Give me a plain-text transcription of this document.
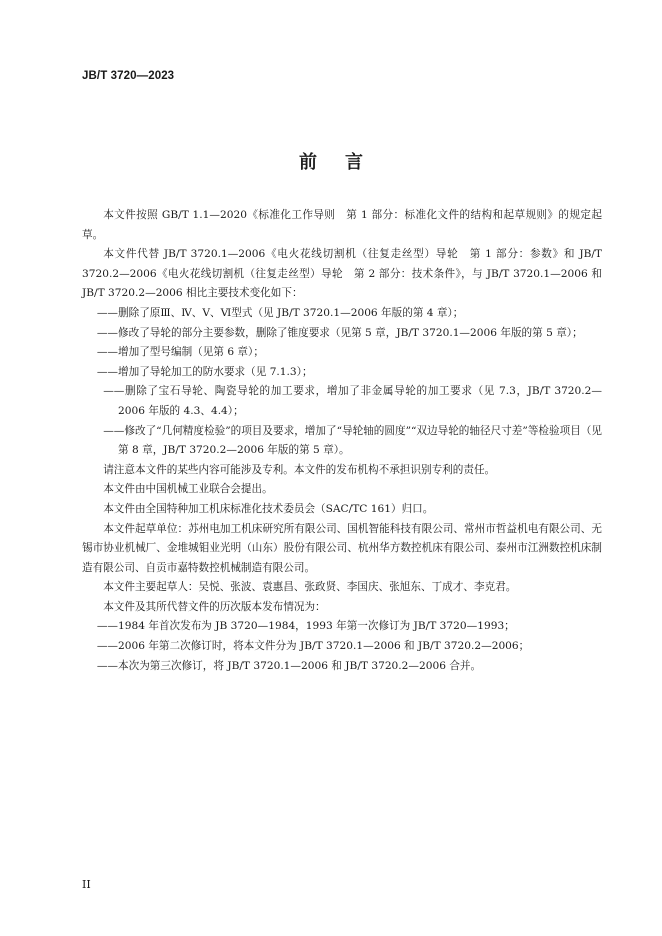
JB/T 3720—2023
前言

本文件按照 GB/T 1.1—2020《标准化工作导则　第 1 部分：标准化文件的结构和起草规则》的规定起草。

本文件代替 JB/T 3720.1—2006《电火花线切割机（往复走丝型）导轮　第 1 部分：参数》和 JB/T 3720.2—2006《电火花线切割机（往复走丝型）导轮　第 2 部分：技术条件》，与 JB/T 3720.1—2006 和 JB/T 3720.2—2006 相比主要技术变化如下：

——删除了原Ⅲ、Ⅳ、Ⅴ、Ⅵ型式（见 JB/T 3720.1—2006 年版的第 4 章）；

——修改了导轮的部分主要参数，删除了锥度要求（见第 5 章，JB/T 3720.1—2006 年版的第 5 章）；

——增加了型号编制（见第 6 章）；

——增加了导轮加工的防水要求（见 7.1.3）；

——删除了宝石导轮、陶瓷导轮的加工要求，增加了非金属导轮的加工要求（见 7.3，JB/T 3720.2—2006 年版的 4.3、4.4）；

——修改了“几何精度检验”的项目及要求，增加了“导轮轴的圆度”“双边导轮的轴径尺寸差”等检验项目（见第 8 章，JB/T 3720.2—2006 年版的第 5 章）。

请注意本文件的某些内容可能涉及专利。本文件的发布机构不承担识别专利的责任。

本文件由中国机械工业联合会提出。

本文件由全国特种加工机床标准化技术委员会（SAC/TC 161）归口。

本文件起草单位：苏州电加工机床研究所有限公司、国机智能科技有限公司、常州市哲益机电有限公司、无锡市协业机械厂、金堆城钼业光明（山东）股份有限公司、杭州华方数控机床有限公司、泰州市江洲数控机床制造有限公司、自贡市嘉特数控机械制造有限公司。

本文件主要起草人：吴悦、张波、袁惠昌、张政贤、李国庆、张旭东、丁成才、李克君。

本文件及其所代替文件的历次版本发布情况为：

——1984 年首次发布为 JB 3720—1984，1993 年第一次修订为 JB/T 3720—1993；

——2006 年第二次修订时，将本文件分为 JB/T 3720.1—2006 和 JB/T 3720.2—2006；

——本次为第三次修订，将 JB/T 3720.1—2006 和 JB/T 3720.2—2006 合并。

II
